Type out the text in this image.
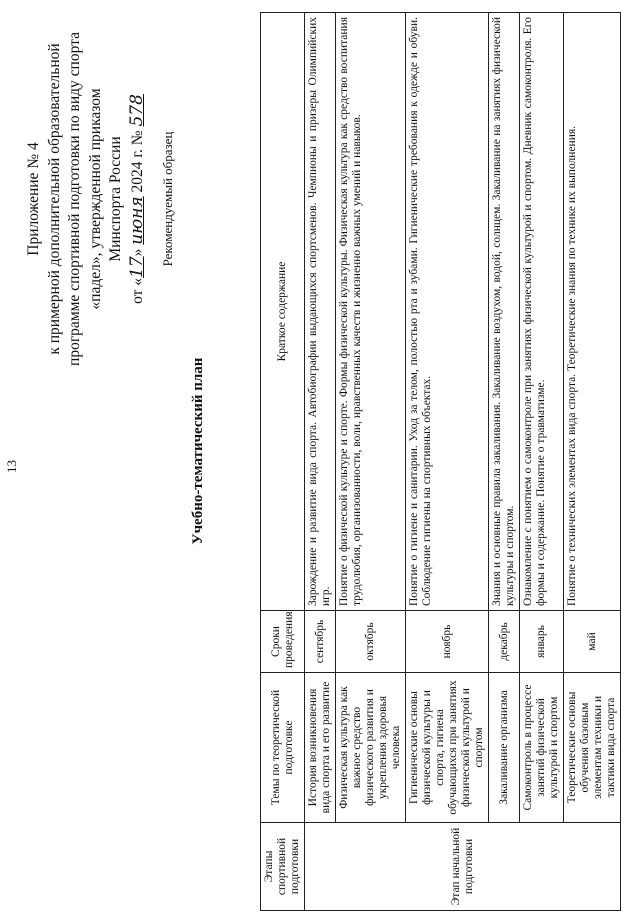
13
Приложение № 4 к примерной дополнительной образовательной программе спортивной подготовки по виду спорта «падел», утвержденной приказом Минспорта России
от «17» июня 2024 г. № 578
Рекомендуемый образец
Учебно-тематический план
Этапы спортивной подготовки	Темы по теоретической подготовке	Сроки проведения	Краткое содержание
Этап начальной подготовки	История возникновения вида спорта и его развитие	сентябрь	Зарождение и развитие вида спорта. Автобиографии выдающихся спортсменов. Чемпионы и призеры Олимпийских игр.
	Физическая культура как важное средство физического развития и укрепления здоровья человека	октябрь	Понятие о физической культуре и спорте. Формы физической культуры. Физическая культура как средство воспитания трудолюбия, организованности, воли, нравственных качеств и жизненно важных умений и навыков.
	Гигиенические основы физической культуры и спорта, гигиена обучающихся при занятиях физической культурой и спортом	ноябрь	Понятие о гигиене и санитарии. Уход за телом, полостью рта и зубами. Гигиенические требования к одежде и обуви. Соблюдение гигиены на спортивных объектах.
	Закаливание организма	декабрь	Знания и основные правила закаливания. Закаливание воздухом, водой, солнцем. Закаливание на занятиях физической культуры и спортом.
	Самоконтроль в процессе занятий физической культурой и спортом	январь	Ознакомление с понятием о самоконтроле при занятиях физической культурой и спортом. Дневник самоконтроля. Его формы и содержание. Понятие о травматизме.
	Теоретические основы обучения базовым элементам техники и тактики вида спорта	май	Понятие о технических элементах вида спорта. Теоретические знания по технике их выполнения.
